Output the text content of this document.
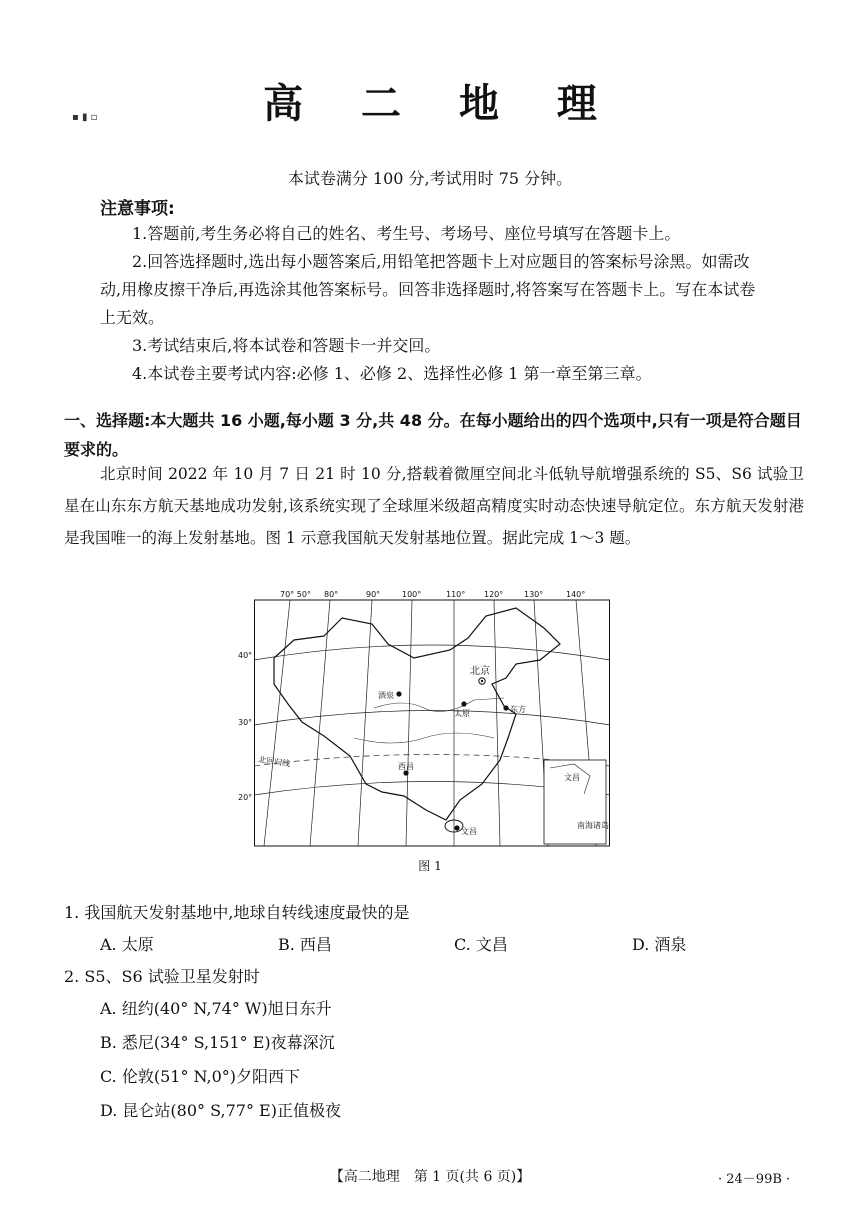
▪ ▮ ▫	高 二 地 理
本试卷满分 100 分,考试用时 75 分钟。
注意事项:

1.答题前,考生务必将自己的姓名、考生号、考场号、座位号填写在答题卡上。

2.回答选择题时,选出每小题答案后,用铅笔把答题卡上对应题目的答案标号涂黑。如需改动,用橡皮擦干净后,再选涂其他答案标号。回答非选择题时,将答案写在答题卡上。写在本试卷上无效。

3.考试结束后,将本试卷和答题卡一并交回。

4.本试卷主要考试内容:必修 1、必修 2、选择性必修 1 第一章至第三章。

一、选择题:本大题共 16 小题,每小题 3 分,共 48 分。在每小题给出的四个选项中,只有一项是符合题目要求的。

北京时间 2022 年 10 月 7 日 21 时 10 分,搭载着微厘空间北斗低轨导航增强系统的 S5、S6 试验卫星在山东东方航天基地成功发射,该系统实现了全球厘米级超高精度实时动态快速导航定位。东方航天发射港是我国唯一的海上发射基地。图 1 示意我国航天发射基地位置。据此完成 1～3 题。

南海诸岛
文昌
70° 50° 80°	90°	100°	110° 120°	130°	140°
40°
30°
20°
酒泉
北京
太原	东方
西昌
文昌
北回归线
图 1
1. 我国航天发射基地中,地球自转线速度最快的是
A. 太原	B. 西昌	C. 文昌	D. 酒泉
2. S5、S6 试验卫星发射时
A. 纽约(40° N,74° W)旭日东升
B. 悉尼(34° S,151° E)夜幕深沉
C. 伦敦(51° N,0°)夕阳西下
D. 昆仑站(80° S,77° E)正值极夜
【高二地理　第 1 页(共 6 页)】	· 24－99B ·
